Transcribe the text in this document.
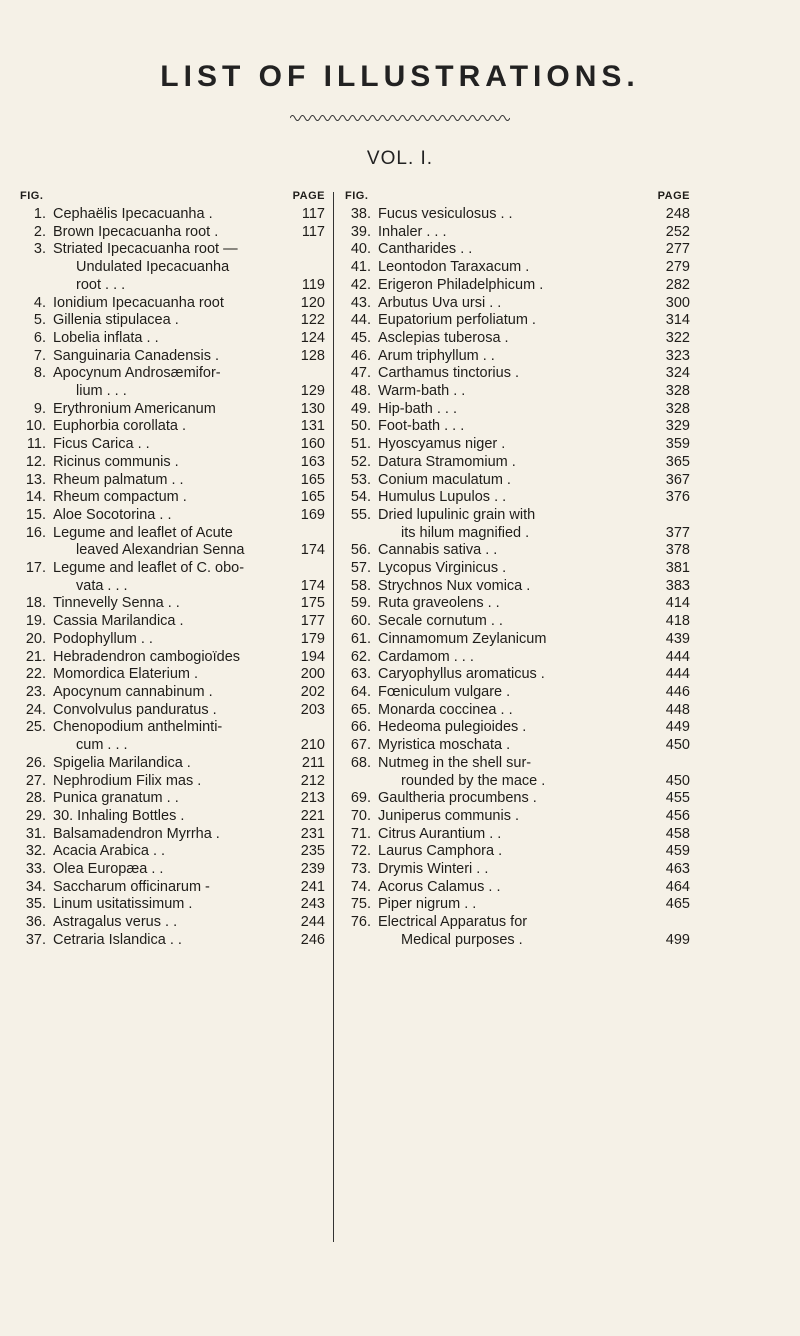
LIST OF ILLUSTRATIONS.
VOL. I.
FIG.	PAGE
1. Cephaëlis Ipecacuanha .	117
2. Brown Ipecacuanha root .	117
3. Striated Ipecacuanha root —
Undulated Ipecacuanha
root . . .	119
4. Ionidium Ipecacuanha root	120
5. Gillenia stipulacea .	122
6. Lobelia inflata . .	124
7. Sanguinaria Canadensis .	128
8. Apocynum Androsæmifor-
lium . . .	129
9. Erythronium Americanum	130
10. Euphorbia corollata .	131
11. Ficus Carica . .	160
12. Ricinus communis .	163
13. Rheum palmatum . .	165
14. Rheum compactum .	165
15. Aloe Socotorina . .	169
16. Legume and leaflet of Acute
leaved Alexandrian Senna	174
17. Legume and leaflet of C. obo-
vata . . .	174
18. Tinnevelly Senna . .	175
19. Cassia Marilandica .	177
20. Podophyllum . .	179
21. Hebradendron cambogioïdes	194
22. Momordica Elaterium .	200
23. Apocynum cannabinum .	202
24. Convolvulus panduratus .	203
25. Chenopodium anthelminti-
cum . . .	210
26. Spigelia Marilandica .	211
27. Nephrodium Filix mas .	212
28. Punica granatum . .	213
29. 30. Inhaling Bottles .	221
31. Balsamadendron Myrrha .	231
32. Acacia Arabica . .	235
33. Olea Europæa . .	239
34. Saccharum officinarum -	241
35. Linum usitatissimum .	243
36. Astragalus verus . .	244
37. Cetraria Islandica . .	246
FIG.	PAGE
38. Fucus vesiculosus . .	248
39. Inhaler . . .	252
40. Cantharides . .	277
41. Leontodon Taraxacum .	279
42. Erigeron Philadelphicum .	282
43. Arbutus Uva ursi . .	300
44. Eupatorium perfoliatum .	314
45. Asclepias tuberosa .	322
46. Arum triphyllum . .	323
47. Carthamus tinctorius .	324
48. Warm-bath . .	328
49. Hip-bath . . .	328
50. Foot-bath . . .	329
51. Hyoscyamus niger .	359
52. Datura Stramomium .	365
53. Conium maculatum .	367
54. Humulus Lupulos . .	376
55. Dried lupulinic grain with
its hilum magnified .	377
56. Cannabis sativa . .	378
57. Lycopus Virginicus .	381
58. Strychnos Nux vomica .	383
59. Ruta graveolens . .	414
60. Secale cornutum . .	418
61. Cinnamomum Zeylanicum	439
62. Cardamom . . .	444
63. Caryophyllus aromaticus .	444
64. Fœniculum vulgare .	446
65. Monarda coccinea . .	448
66. Hedeoma pulegioides .	449
67. Myristica moschata .	450
68. Nutmeg in the shell sur-
rounded by the mace .	450
69. Gaultheria procumbens .	455
70. Juniperus communis .	456
71. Citrus Aurantium . .	458
72. Laurus Camphora .	459
73. Drymis Winteri . .	463
74. Acorus Calamus . .	464
75. Piper nigrum . .	465
76. Electrical Apparatus for
Medical purposes .	499
